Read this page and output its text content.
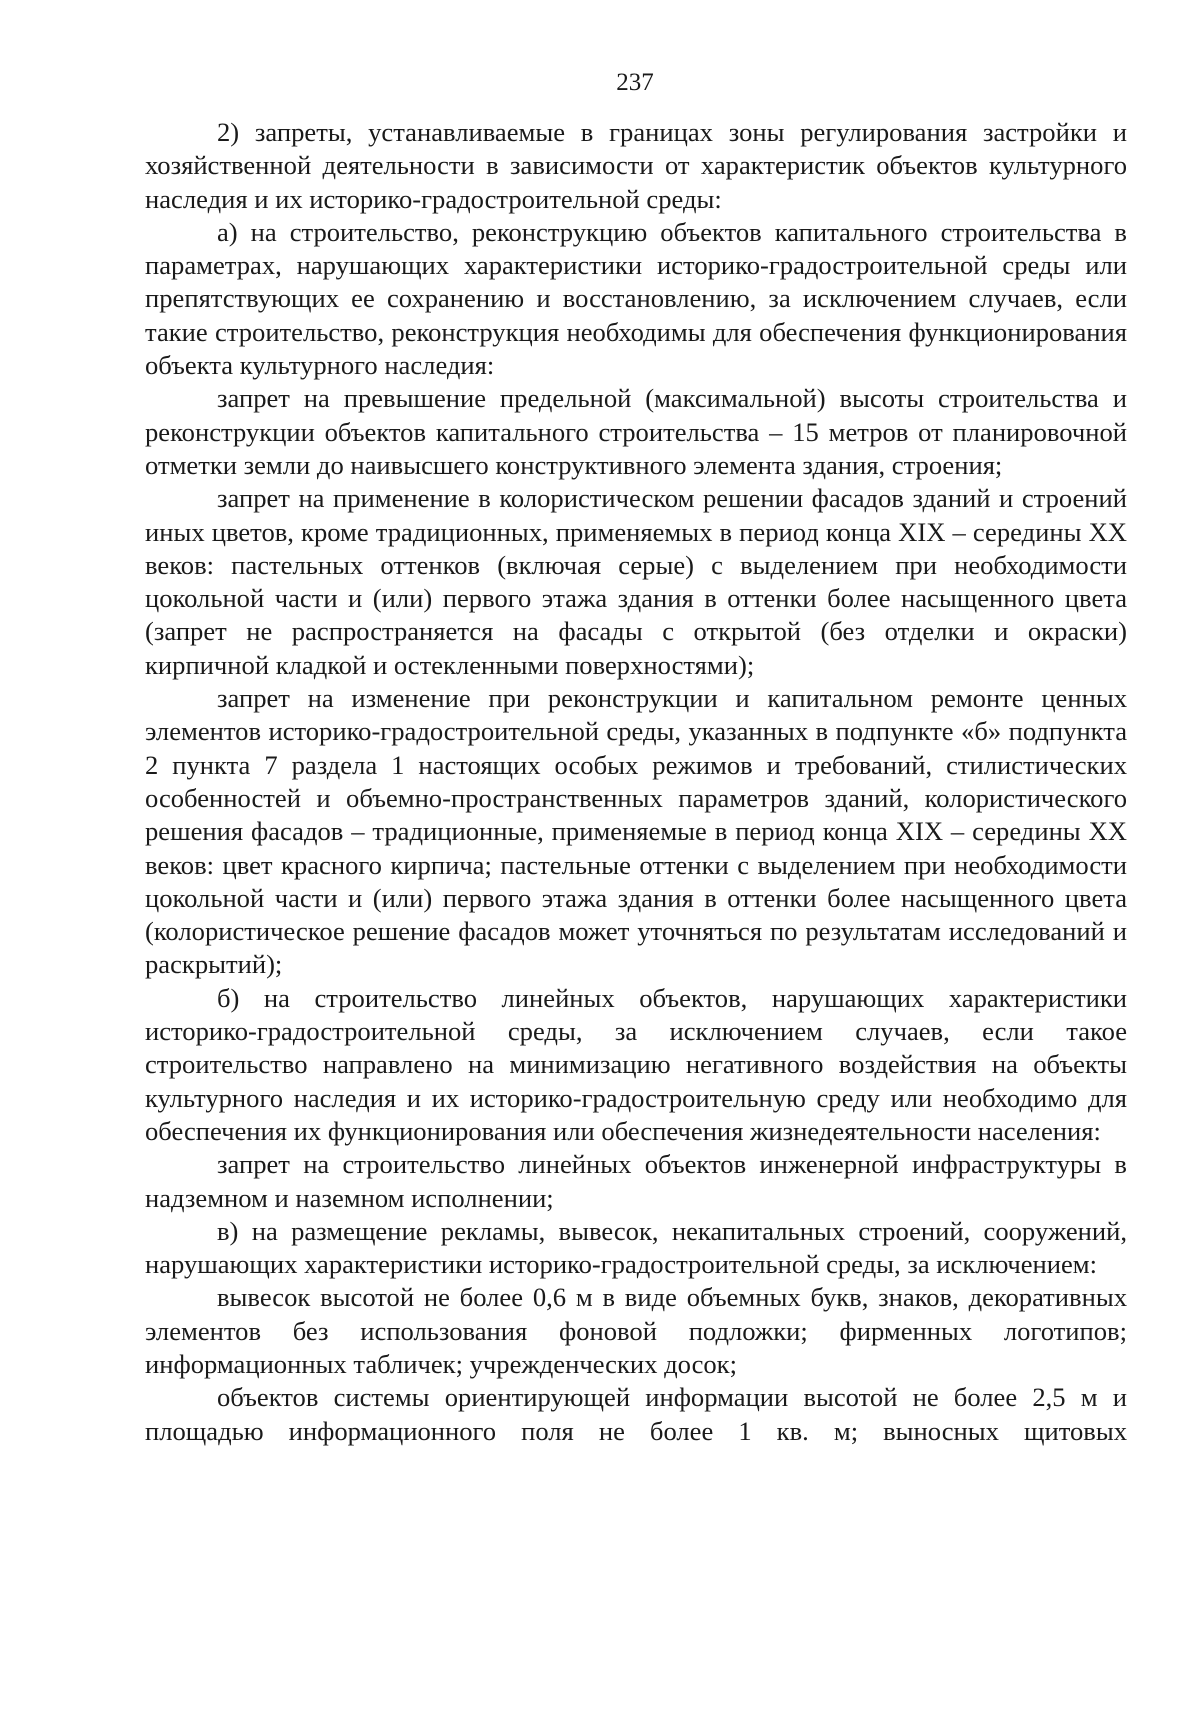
237

2) запреты, устанавливаемые в границах зоны регулирования застройки и хозяйственной деятельности в зависимости от характеристик объектов культурного наследия и их историко-градостроительной среды:

а) на строительство, реконструкцию объектов капитального строительства в параметрах, нарушающих характеристики историко-градостроительной среды или препятствующих ее сохранению и восстановлению, за исключением случаев, если такие строительство, реконструкция необходимы для обеспечения функционирования объекта культурного наследия:

запрет на превышение предельной (максимальной) высоты строительства и реконструкции объектов капитального строительства – 15 метров от планировочной отметки земли до наивысшего конструктивного элемента здания, строения;

запрет на применение в колористическом решении фасадов зданий и строений иных цветов, кроме традиционных, применяемых в период конца XIX – середины XX веков: пастельных оттенков (включая серые) с выделением при необходимости цокольной части и (или) первого этажа здания в оттенки более насыщенного цвета (запрет не распространяется на фасады с открытой (без отделки и окраски) кирпичной кладкой и остекленными поверхностями);

запрет на изменение при реконструкции и капитальном ремонте ценных элементов историко-градостроительной среды, указанных в подпункте «б» подпункта 2 пункта 7 раздела 1 настоящих особых режимов и требований, стилистических особенностей и объемно-пространственных параметров зданий, колористического решения фасадов – традиционные, применяемые в период конца XIX – середины XX веков: цвет красного кирпича; пастельные оттенки с выделением при необходимости цокольной части и (или) первого этажа здания в оттенки более насыщенного цвета (колористическое решение фасадов может уточняться по результатам исследований и раскрытий);

б) на строительство линейных объектов, нарушающих характеристики историко-градостроительной среды, за исключением случаев, если такое строительство направлено на минимизацию негативного воздействия на объекты культурного наследия и их историко-градостроительную среду или необходимо для обеспечения их функционирования или обеспечения жизнедеятельности населения:

запрет на строительство линейных объектов инженерной инфраструктуры в надземном и наземном исполнении;

в) на размещение рекламы, вывесок, некапитальных строений, сооружений, нарушающих характеристики историко-градостроительной среды, за исключением:

вывесок высотой не более 0,6 м в виде объемных букв, знаков, декоративных элементов без использования фоновой подложки; фирменных логотипов; информационных табличек; учрежденческих досок;

объектов системы ориентирующей информации высотой не более 2,5 м и площадью информационного поля не более 1 кв. м; выносных щитовых
